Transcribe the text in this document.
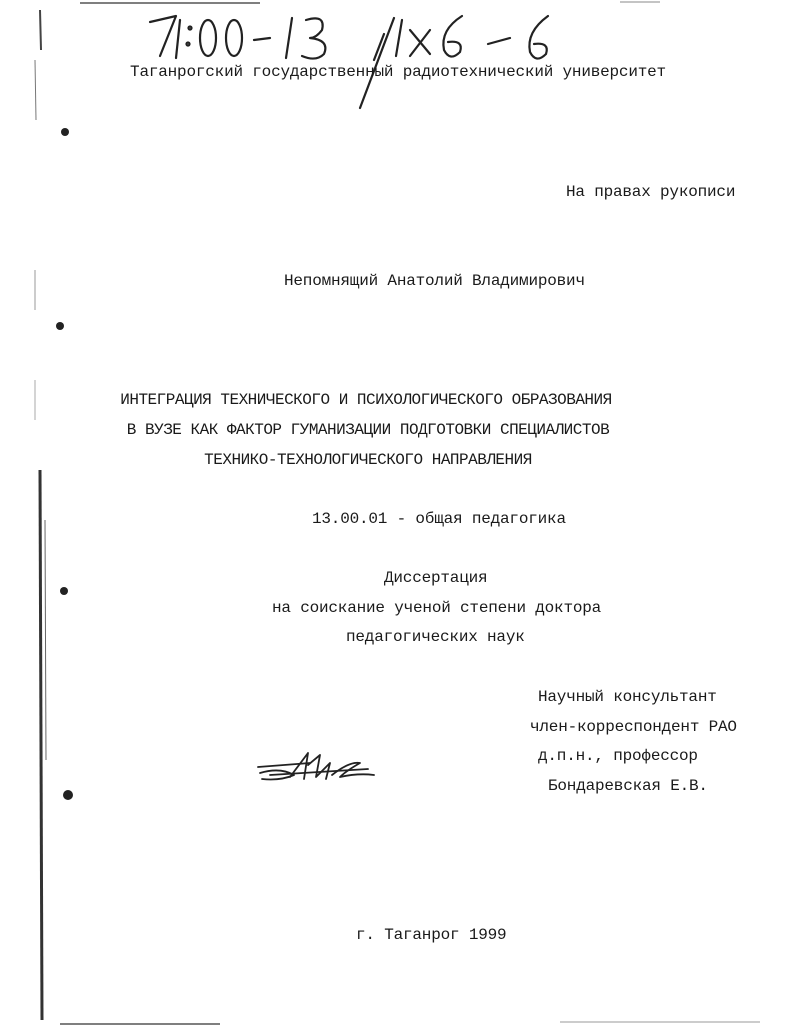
Таганрогский государственный радиотехнический университет
На правах рукописи
Непомнящий Анатолий Владимирович
ИНТЕГРАЦИЯ ТЕХНИЧЕСКОГО И ПСИХОЛОГИЧЕСКОГО ОБРАЗОВАНИЯ
В ВУЗЕ КАК ФАКТОР ГУМАНИЗАЦИИ ПОДГОТОВКИ СПЕЦИАЛИСТОВ
ТЕХНИКО-ТЕХНОЛОГИЧЕСКОГО НАПРАВЛЕНИЯ
13.00.01 - общая педагогика
Диссертация
на соискание ученой степени доктора
педагогических наук
Научный консультант
член-корреспондент РАО
д.п.н., профессор
Бондаревская Е.В.
г. Таганрог 1999
